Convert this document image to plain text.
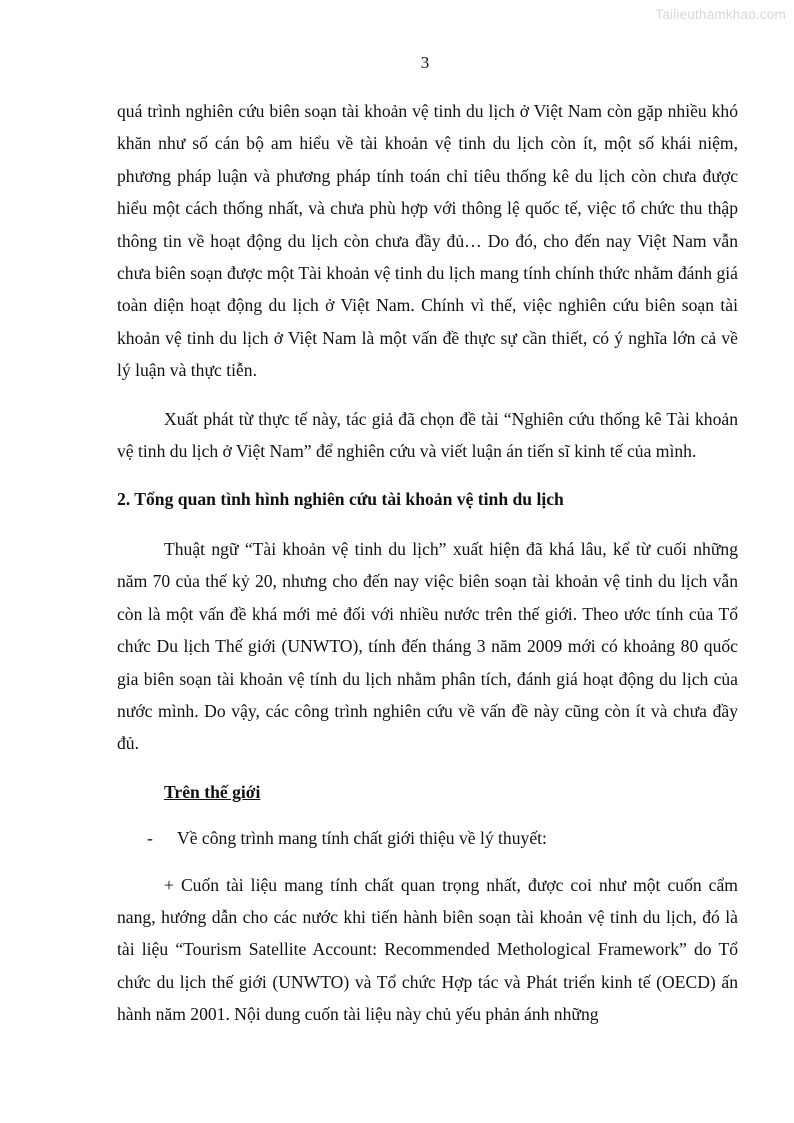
Tailieuthamkhao.com
3

quá trình nghiên cứu biên soạn tài khoản vệ tinh du lịch ở Việt Nam còn gặp nhiều khó khăn như số cán bộ am hiểu về tài khoản vệ tinh du lịch còn ít, một số khái niệm, phương pháp luận và phương pháp tính toán chỉ tiêu thống kê du lịch còn chưa được hiểu một cách thống nhất, và chưa phù hợp với thông lệ quốc tế, việc tổ chức thu thập thông tin về hoạt động du lịch còn chưa đầy đủ… Do đó, cho đến nay Việt Nam vẫn chưa biên soạn được một Tài khoản vệ tinh du lịch mang tính chính thức nhằm đánh giá toàn diện hoạt động du lịch ở Việt Nam. Chính vì thế, việc nghiên cứu biên soạn tài khoản vệ tinh du lịch ở Việt Nam là một vấn đề thực sự cần thiết, có ý nghĩa lớn cả về lý luận và thực tiễn.

Xuất phát từ thực tế này, tác giả đã chọn đề tài “Nghiên cứu thống kê Tài khoản vệ tinh du lịch ở Việt Nam” để nghiên cứu và viết luận án tiến sĩ kinh tế của mình.

2. Tổng quan tình hình nghiên cứu tài khoản vệ tinh du lịch

Thuật ngữ “Tài khoản vệ tinh du lịch” xuất hiện đã khá lâu, kể từ cuối những năm 70 của thế kỷ 20, nhưng cho đến nay việc biên soạn tài khoản vệ tinh du lịch vẫn còn là một vấn đề khá mới mẻ đối với nhiều nước trên thế giới. Theo ước tính của Tổ chức Du lịch Thế giới (UNWTO), tính đến tháng 3 năm 2009 mới có khoảng 80 quốc gia biên soạn tài khoản vệ tính du lịch nhằm phân tích, đánh giá hoạt động du lịch của nước mình. Do vậy, các công trình nghiên cứu về vấn đề này cũng còn ít và chưa đầy đủ.

Trên thế giới

- Về công trình mang tính chất giới thiệu về lý thuyết:

+ Cuốn tài liệu mang tính chất quan trọng nhất, được coi như một cuốn cẩm nang, hướng dẫn cho các nước khi tiến hành biên soạn tài khoản vệ tinh du lịch, đó là tài liệu “Tourism Satellite Account: Recommended Methological Framework” do Tổ chức du lịch thế giới (UNWTO) và Tổ chức Hợp tác và Phát triển kinh tế (OECD) ấn hành năm 2001. Nội dung cuốn tài liệu này chủ yếu phản ánh những
